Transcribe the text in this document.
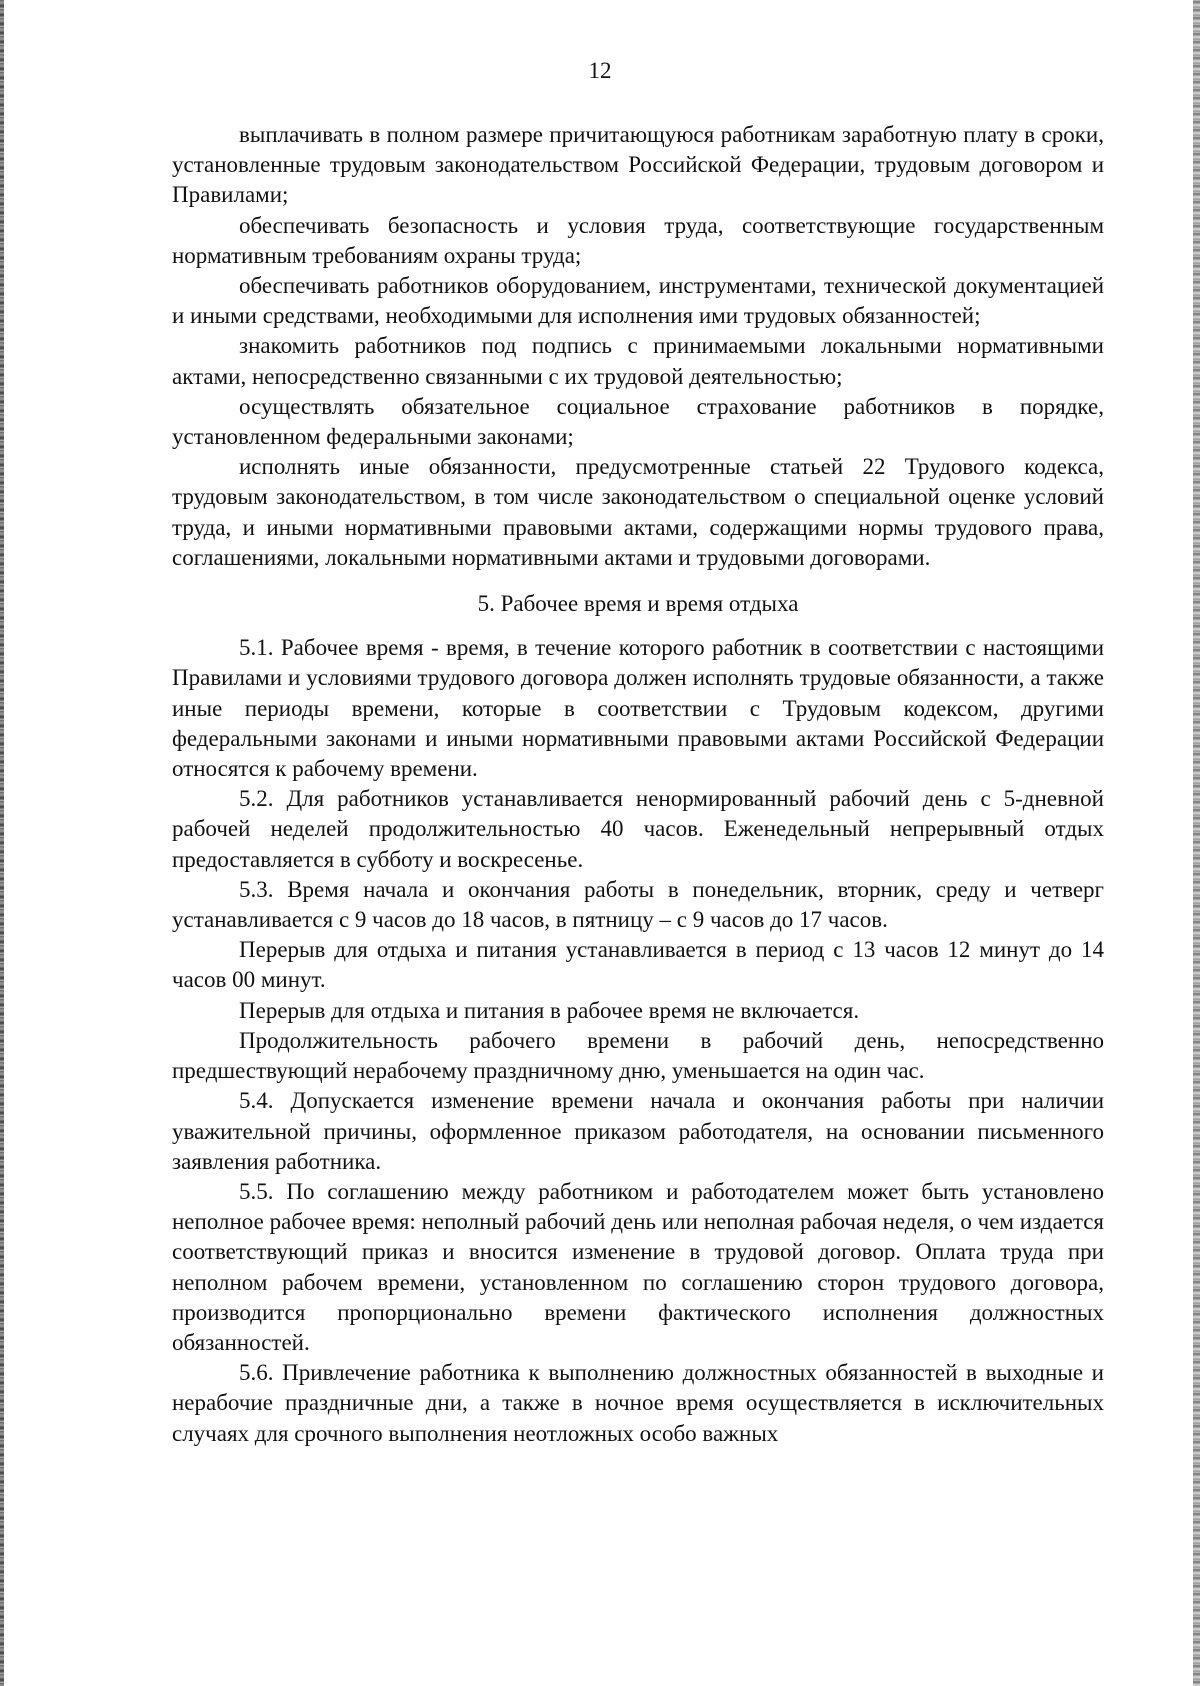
12

выплачивать в полном размере причитающуюся работникам заработную плату в сроки, установленные трудовым законодательством Российской Федерации, трудовым договором и Правилами;

обеспечивать безопасность и условия труда, соответствующие государственным нормативным требованиям охраны труда;

обеспечивать работников оборудованием, инструментами, технической документацией и иными средствами, необходимыми для исполнения ими трудовых обязанностей;

знакомить работников под подпись с принимаемыми локальными нормативными актами, непосредственно связанными с их трудовой деятельностью;

осуществлять обязательное социальное страхование работников в порядке, установленном федеральными законами;

исполнять иные обязанности, предусмотренные статьей 22 Трудового кодекса, трудовым законодательством, в том числе законодательством о специальной оценке условий труда, и иными нормативными правовыми актами, содержащими нормы трудового права, соглашениями, локальными нормативными актами и трудовыми договорами.

5. Рабочее время и время отдыха

5.1. Рабочее время - время, в течение которого работник в соответствии с настоящими Правилами и условиями трудового договора должен исполнять трудовые обязанности, а также иные периоды времени, которые в соответствии с Трудовым кодексом, другими федеральными законами и иными нормативными правовыми актами Российской Федерации относятся к рабочему времени.

5.2. Для работников устанавливается ненормированный рабочий день с 5-дневной рабочей неделей продолжительностью 40 часов. Еженедельный непрерывный отдых предоставляется в субботу и воскресенье.

5.3. Время начала и окончания работы в понедельник, вторник, среду и четверг устанавливается с 9 часов до 18 часов, в пятницу – с 9 часов до 17 часов.

Перерыв для отдыха и питания устанавливается в период с 13 часов 12 минут до 14 часов 00 минут.

Перерыв для отдыха и питания в рабочее время не включается.

Продолжительность рабочего времени в рабочий день, непосредственно предшествующий нерабочему праздничному дню, уменьшается на один час.

5.4. Допускается изменение времени начала и окончания работы при наличии уважительной причины, оформленное приказом работодателя, на основании письменного заявления работника.

5.5. По соглашению между работником и работодателем может быть установлено неполное рабочее время: неполный рабочий день или неполная рабочая неделя, о чем издается соответствующий приказ и вносится изменение в трудовой договор. Оплата труда при неполном рабочем времени, установленном по соглашению сторон трудового договора, производится пропорционально времени фактического исполнения должностных обязанностей.

5.6. Привлечение работника к выполнению должностных обязанностей в выходные и нерабочие праздничные дни, а также в ночное время осуществляется в исключительных случаях для срочного выполнения неотложных особо важных
